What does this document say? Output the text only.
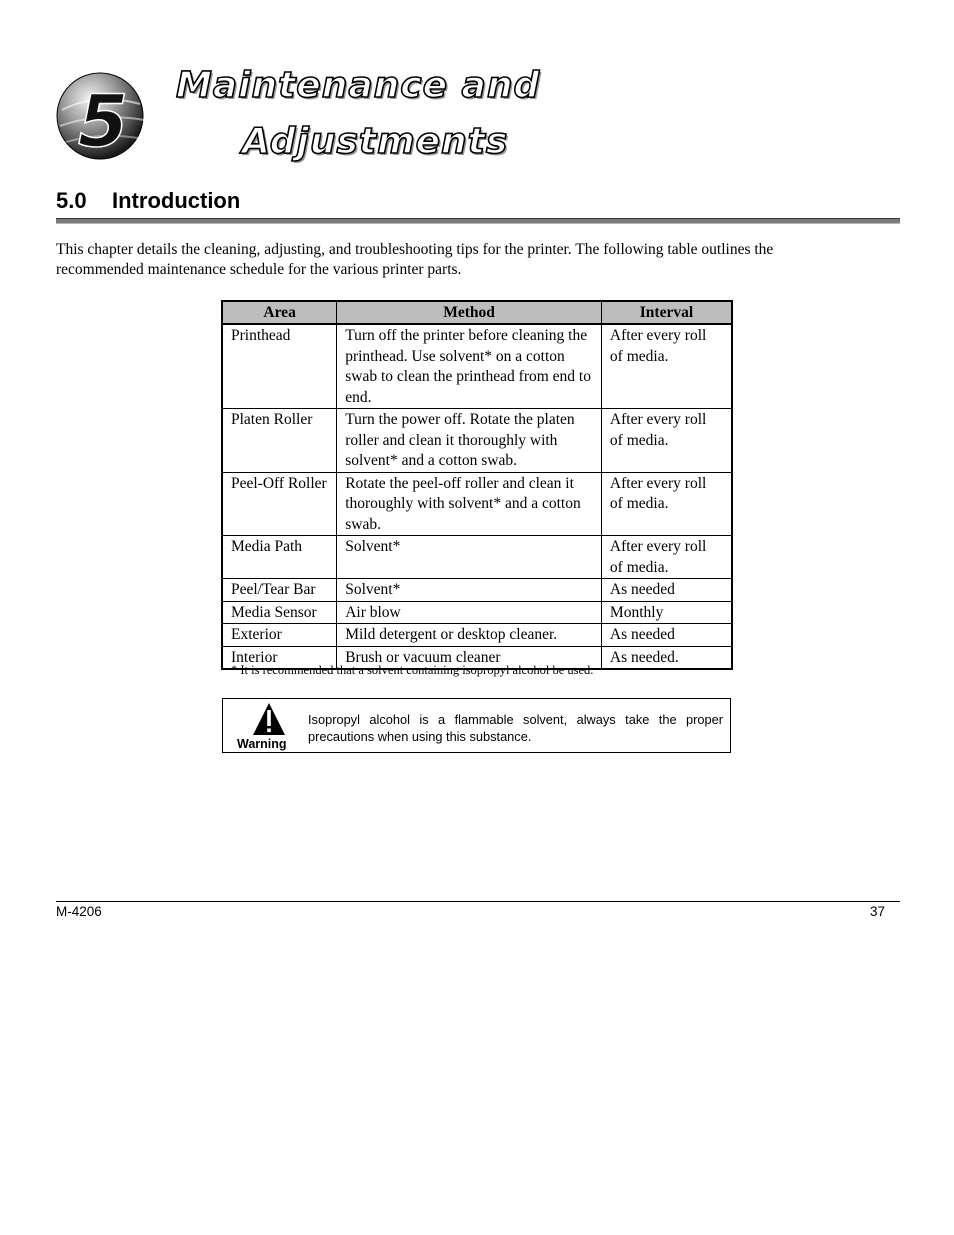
5 Maintenance and
Adjustments
5.0 Introduction

This chapter details the cleaning, adjusting, and troubleshooting tips for the printer. The following table outlines the recommended maintenance schedule for the various printer parts.

Area	Method	Interval
Printhead	Turn off the printer before cleaning the printhead. Use solvent* on a cotton swab to clean the printhead from end to end.	After every roll of media.
Platen Roller	Turn the power off. Rotate the platen roller and clean it thoroughly with solvent* and a cotton swab.	After every roll of media.
Peel-Off Roller	Rotate the peel-off roller and clean it thoroughly with solvent* and a cotton swab.	After every roll of media.
Media Path	Solvent*	After every roll of media.
Peel/Tear Bar	Solvent*	As needed
Media Sensor	Air blow	Monthly
Exterior	Mild detergent or desktop cleaner.	As needed
Interior	Brush or vacuum cleaner	As needed.

* It is recommended that a solvent containing isopropyl alcohol be used.

Warning

Isopropyl alcohol is a flammable solvent, always take the proper precautions when using this substance.

M-4206	37
